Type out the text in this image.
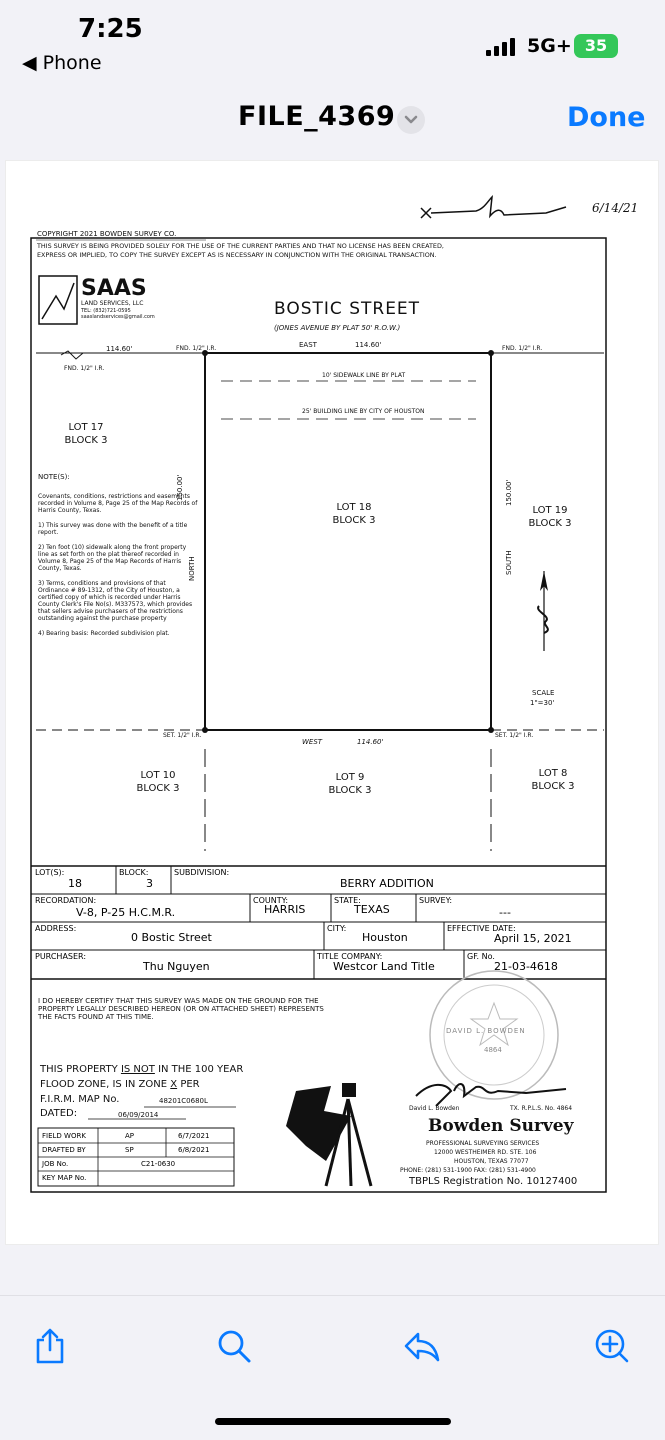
7:25
◀ Phone
5G+ 35
FILE_4369	Done
6/14/21
COPYRIGHT 2021 BOWDEN SURVEY CO.
THIS SURVEY IS BEING PROVIDED SOLELY FOR THE USE OF THE CURRENT PARTIES AND THAT NO LICENSE HAS BEEN CREATED,
EXPRESS OR IMPLIED, TO COPY THE SURVEY EXCEPT AS IS NECESSARY IN CONJUNCTION WITH THE ORIGINAL TRANSACTION.
SAAS
LAND SERVICES, LLC
TEL: (832)721-0595
saaslandservices@gmail.com	BOSTIC STREET
(JONES AVENUE BY PLAT 50' R.O.W.)
EAST	114.60'
114.60'	FND. 1/2" I.R.
FND. 1/2" I.R.
FND. 1/2" I.R.
10' SIDEWALK LINE BY PLAT
25' BUILDING LINE BY CITY OF HOUSTON
LOT 17
BLOCK 3
LOT 18
BLOCK 3
LOT 19
BLOCK 3
LOT 10
BLOCK 3
LOT 9
BLOCK 3
LOT 8
BLOCK 3
150.00'
NORTH
150.00'
SOUTH
NOTE(S):
Covenants, conditions, restrictions and easements recorded in Volume 8, Page 25 of the Map Records of Harris County, Texas.
1) This survey was done with the benefit of a title report.
2) Ten foot (10) sidewalk along the front property line as set forth on the plat thereof recorded in Volume 8, Page 25 of the Map Records of Harris County, Texas.
3) Terms, conditions and provisions of that Ordinance # 89-1312, of the City of Houston, a certified copy of which is recorded under Harris County Clerk's File No(s). M337573, which provides that sellers advise purchasers of the restrictions outstanding against the purchase property
4) Bearing basis: Recorded subdivision plat.
SCALE
1"=30'
SET. 1/2" I.R.	SET. 1/2" I.R.
WEST	114.60'
LOT(S):
18
BLOCK:
3
SUBDIVISION:
BERRY ADDITION
RECORDATION:
V-8, P-25 H.C.M.R.
COUNTY:
HARRIS
STATE:
TEXAS
SURVEY:
---
ADDRESS:
0 Bostic Street
CITY:
Houston
EFFECTIVE DATE:
April 15, 2021
PURCHASER:
Thu Nguyen
TITLE COMPANY:
Westcor Land Title
GF. No.
21-03-4618
I DO HEREBY CERTIFY THAT THIS SURVEY WAS MADE ON THE GROUND FOR THE PROPERTY LEGALLY DESCRIBED HEREON (OR ON ATTACHED SHEET) REPRESENTS THE FACTS FOUND AT THIS TIME.
DAVID L. BOWDEN
4864
THIS PROPERTY IS NOT IN THE 100 YEAR
FLOOD ZONE, IS IN ZONE X PER
F.I.R.M. MAP No.	48201C0680L
DATED:	06/09/2014
FIELD WORK	AP	6/7/2021
DRAFTED BY	SP	6/8/2021
JOB No.	C21-0630
KEY MAP No.
David L. Bowden	TX. R.P.L.S. No. 4864
Bowden Survey
PROFESSIONAL SURVEYING SERVICES
12000 WESTHEIMER RD. STE. 106
HOUSTON, TEXAS 77077
PHONE: (281) 531-1900 FAX: (281) 531-4900
TBPLS Registration No. 10127400
